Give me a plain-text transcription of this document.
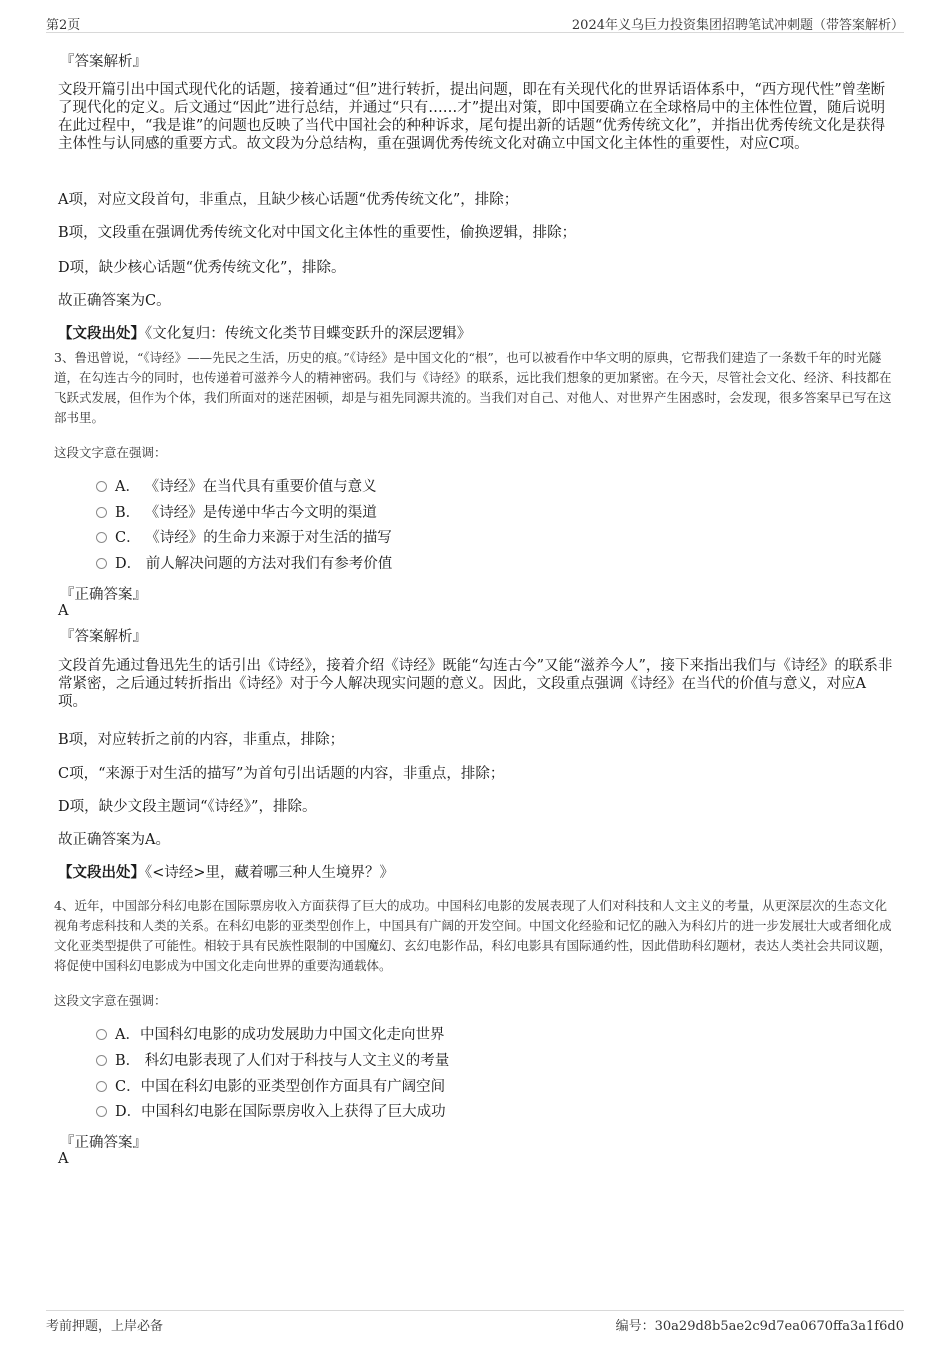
第2页	2024年义乌巨力投资集团招聘笔试冲刺题（带答案解析）
『答案解析』

文段开篇引出中国式现代化的话题，接着通过“但”进行转折，提出问题，即在有关现代化的世界话语体系中，“西方现代性”曾垄断了现代化的定义。后文通过“因此”进行总结，并通过“只有……才”提出对策，即中国要确立在全球格局中的主体性位置，随后说明在此过程中，“我是谁”的问题也反映了当代中国社会的种种诉求，尾句提出新的话题“优秀传统文化”，并指出优秀传统文化是获得主体性与认同感的重要方式。故文段为分总结构，重在强调优秀传统文化对确立中国文化主体性的重要性，对应C项。

A项，对应文段首句，非重点，且缺少核心话题“优秀传统文化”，排除；
B项，文段重在强调优秀传统文化对中国文化主体性的重要性，偷换逻辑，排除；
D项，缺少核心话题“优秀传统文化”，排除。
故正确答案为C。
【文段出处】《文化复归：传统文化类节目蝶变跃升的深层逻辑》

3、鲁迅曾说，“《诗经》——先民之生活，历史的痕。”《诗经》是中国文化的“根”，也可以被看作中华文明的原典，它帮我们建造了一条数千年的时光隧道，在勾连古今的同时，也传递着可滋养今人的精神密码。我们与《诗经》的联系，远比我们想象的更加紧密。在今天，尽管社会文化、经济、科技都在飞跃式发展，但作为个体，我们所面对的迷茫困顿，却是与祖先同源共流的。当我们对自己、对他人、对世界产生困惑时，会发现，很多答案早已写在这部书里。

这段文字意在强调：
A． 《诗经》在当代具有重要价值与意义
B． 《诗经》是传递中华古今文明的渠道
C． 《诗经》的生命力来源于对生活的描写
D． 前人解决问题的方法对我们有参考价值
『正确答案』
A
『答案解析』

文段首先通过鲁迅先生的话引出《诗经》，接着介绍《诗经》既能“勾连古今”又能“滋养今人”，接下来指出我们与《诗经》的联系非常紧密，之后通过转折指出《诗经》对于今人解决现实问题的意义。因此，文段重点强调《诗经》在当代的价值与意义，对应A项。

B项，对应转折之前的内容，非重点，排除；
C项，“来源于对生活的描写”为首句引出话题的内容，非重点，排除；
D项，缺少文段主题词“《诗经》”，排除。
故正确答案为A。
【文段出处】《<诗经>里，藏着哪三种人生境界？》

4、近年，中国部分科幻电影在国际票房收入方面获得了巨大的成功。中国科幻电影的发展表现了人们对科技和人文主义的考量，从更深层次的生态文化视角考虑科技和人类的关系。在科幻电影的亚类型创作上，中国具有广阔的开发空间。中国文化经验和记忆的融入为科幻片的进一步发展壮大或者细化成文化亚类型提供了可能性。相较于具有民族性限制的中国魔幻、玄幻电影作品，科幻电影具有国际通约性，因此借助科幻题材，表达人类社会共同议题，将促使中国科幻电影成为中国文化走向世界的重要沟通载体。

这段文字意在强调：
A．中国科幻电影的成功发展助力中国文化走向世界
B． 科幻电影表现了人们对于科技与人文主义的考量
C．中国在科幻电影的亚类型创作方面具有广阔空间
D．中国科幻电影在国际票房收入上获得了巨大成功
『正确答案』
A
考前押题，上岸必备	编号：30a29d8b5ae2c9d7ea0670ffa3a1f6d0
